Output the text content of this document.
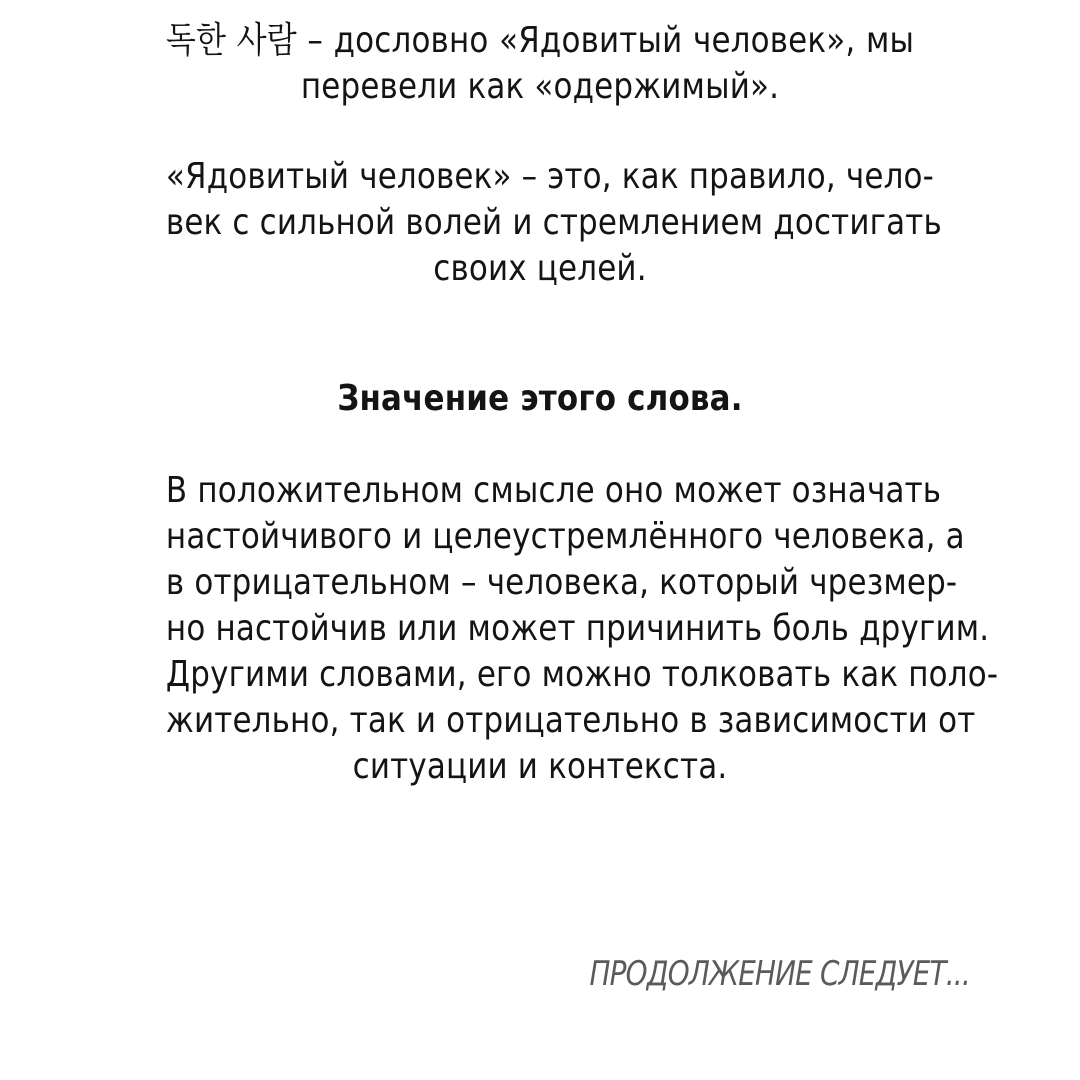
독한 사람 – дословно «Ядовитый человек», мы

перевели как «одержимый».

«Ядовитый человек» – это, как правило, чело-

век с сильной волей и стремлением достигать

своих целей.

Значение этого слова.

В положительном смысле оно может означать

настойчивого и целеустремлённого человека, а

в отрицательном – человека, который чрезмер-

но настойчив или может причинить боль другим.

Другими словами, его можно толковать как поло-

жительно, так и отрицательно в зависимости от

ситуации и контекста.

ПРОДОЛЖЕНИЕ СЛЕДУЕТ...
